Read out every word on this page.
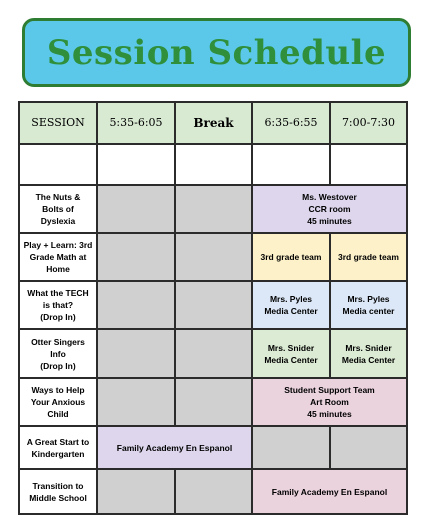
Session Schedule
SESSION	5:35-6:05	Break	6:35-6:55	7:00-7:30

The Nuts &
Bolts of
Dyslexia			Ms. Westover
CCR room
45 minutes	

Play + Learn: 3rd
Grade Math at
Home			3rd grade team	3rd grade team

What the TECH
is that?
(Drop In)			Mrs. Pyles
Media Center	Mrs. Pyles
Media center

Otter Singers
Info
(Drop In)			Mrs. Snider
Media Center	Mrs. Snider
Media Center

Ways to Help
Your Anxious
Child			Student Support Team
Art Room
45 minutes	

A Great Start to
Kindergarten	Family Academy En Espanol			

Transition to
Middle School			Family Academy En Espanol	
